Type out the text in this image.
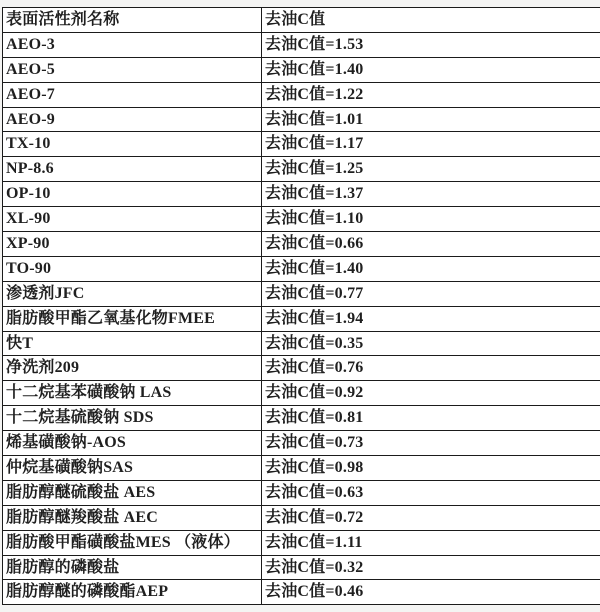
表面活性剂名称	去油C值
AEO-3	去油C值=1.53
AEO-5	去油C值=1.40
AEO-7	去油C值=1.22
AEO-9	去油C值=1.01
TX-10	去油C值=1.17
NP-8.6	去油C值=1.25
OP-10	去油C值=1.37
XL-90	去油C值=1.10
XP-90	去油C值=0.66
TO-90	去油C值=1.40
渗透剂JFC	去油C值=0.77
脂肪酸甲酯乙氧基化物FMEE	去油C值=1.94
快T	去油C值=0.35
净洗剂209	去油C值=0.76
十二烷基苯磺酸钠 LAS	去油C值=0.92
十二烷基硫酸钠 SDS	去油C值=0.81
烯基磺酸钠-AOS	去油C值=0.73
仲烷基磺酸钠SAS	去油C值=0.98
脂肪醇醚硫酸盐 AES	去油C值=0.63
脂肪醇醚羧酸盐 AEC	去油C值=0.72
脂肪酸甲酯磺酸盐MES （液体）	去油C值=1.11
脂肪醇的磷酸盐	去油C值=0.32
脂肪醇醚的磷酸酯AEP	去油C值=0.46
